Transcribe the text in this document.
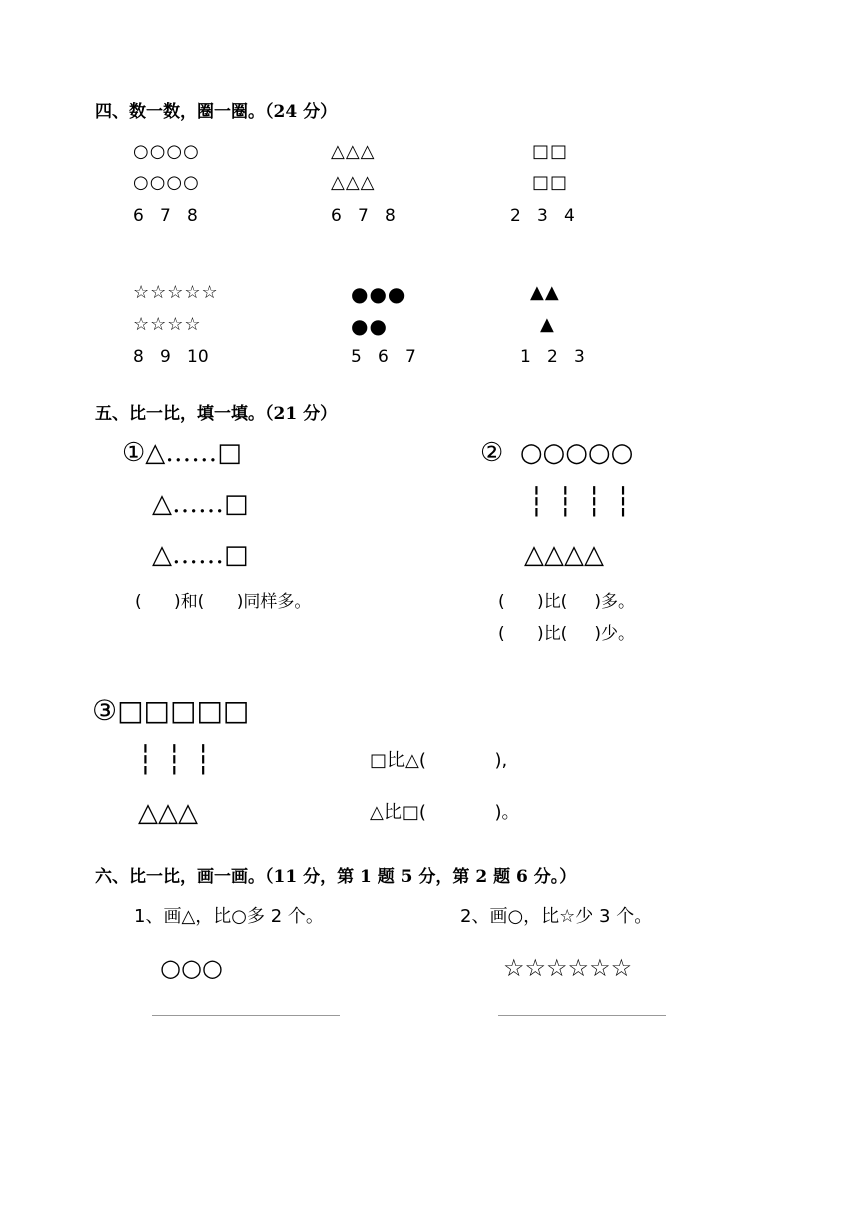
四、数一数，圈一圈。（24 分）
○○○○
○○○○
6   7   8
△△△
△△△
6   7   8
□□
□□
2   3   4
☆☆☆☆☆
☆☆☆☆
8   9   10
●●●
●●
5   6   7
▲▲
▲
1   2   3
五、比一比，填一填。（21 分）
①△……□
△……□
△……□
(      )和(      )同样多。
②  ○○○○○
┆┆┆┆
△△△△
(      )比(     )多。
(      )比(     )少。
③□□□□□
┆┆┆
△△△
□比△(            ),
△比□(            )。
六、比一比，画一画。（11 分，第 1 题 5 分，第 2 题 6 分。）
1、画△，比○多 2 个。
○○○
2、画○，比☆少 3 个。
☆☆☆☆☆☆
